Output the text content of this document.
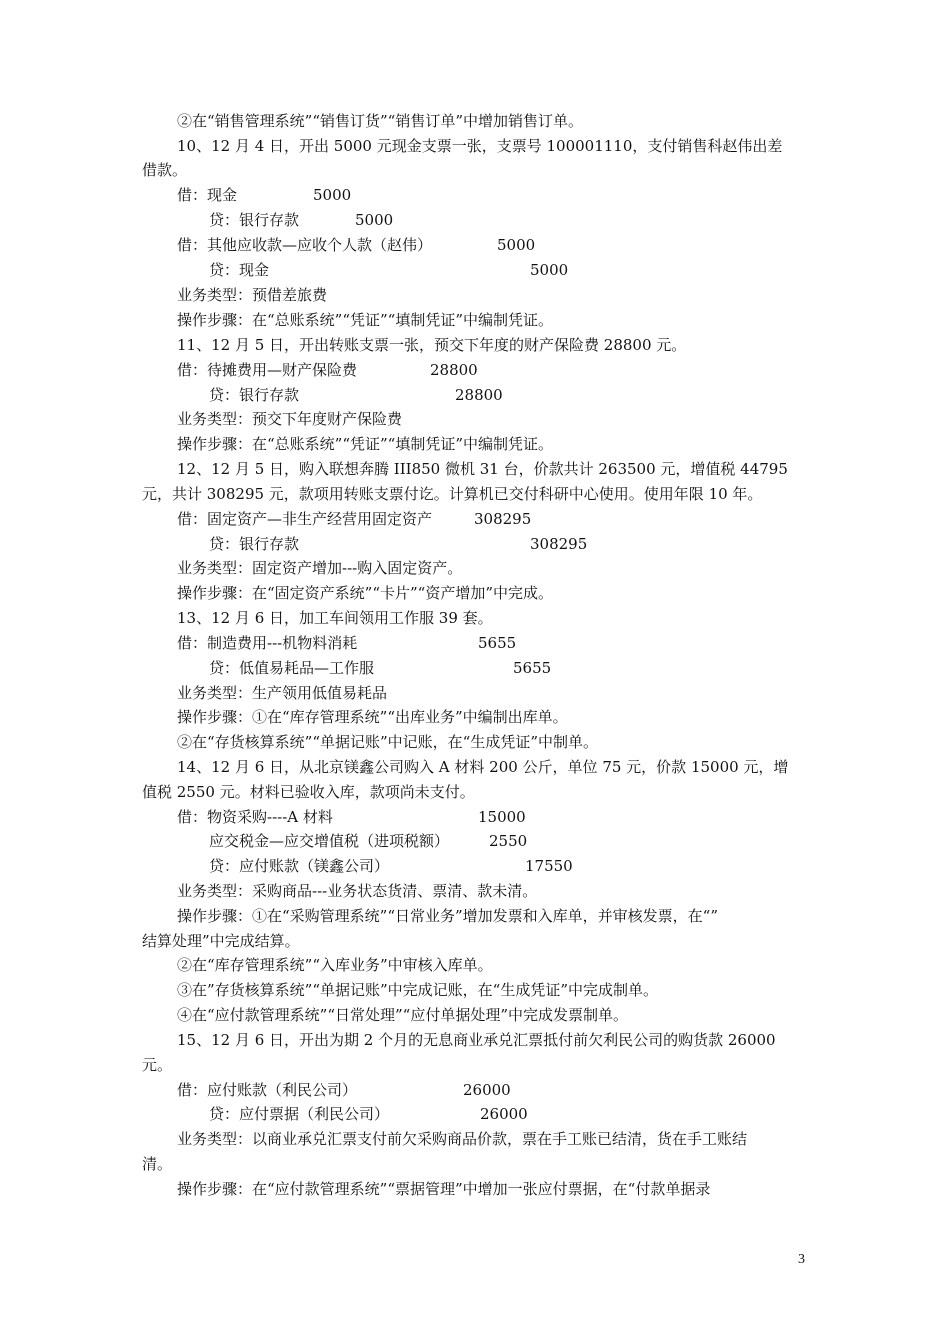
②在“销售管理系统”“销售订货”“销售订单”中增加销售订单。
10、12 月 4 日，开出 5000 元现金支票一张，支票号 100001110，支付销售科赵伟出差
借款。
借：现金	5000
贷：银行存款	5000
借：其他应收款—应收个人款（赵伟）	5000
贷：现金	5000
业务类型：预借差旅费
操作步骤：在“总账系统”“凭证”“填制凭证”中编制凭证。
11、12 月 5 日，开出转账支票一张，预交下年度的财产保险费 28800 元。
借：待摊费用—财产保险费	28800
贷：银行存款	28800
业务类型：预交下年度财产保险费
操作步骤：在“总账系统”“凭证”“填制凭证”中编制凭证。
12、12 月 5 日，购入联想奔腾 III850 微机 31 台，价款共计 263500 元，增值税 44795
元，共计 308295 元，款项用转账支票付讫。计算机已交付科研中心使用。使用年限 10 年。
借：固定资产—非生产经营用固定资产	308295
贷：银行存款	308295
业务类型：固定资产增加---购入固定资产。
操作步骤：在“固定资产系统”“卡片”“资产增加”中完成。
13、12 月 6 日，加工车间领用工作服 39 套。
借：制造费用---机物料消耗	5655
贷：低值易耗品—工作服	5655
业务类型：生产领用低值易耗品
操作步骤：①在“库存管理系统”“出库业务”中编制出库单。
②在“存货核算系统”“单据记账”中记账，在“生成凭证”中制单。
14、12 月 6 日，从北京镁鑫公司购入 A 材料 200 公斤，单位 75 元，价款 15000 元，增
值税 2550 元。材料已验收入库，款项尚未支付。
借：物资采购----A 材料	15000
应交税金—应交增值税（进项税额）	2550
贷：应付账款（镁鑫公司）	17550
业务类型：采购商品---业务状态货清、票清、款未清。
操作步骤：①在“采购管理系统”“日常业务”增加发票和入库单，并审核发票，在“”
结算处理”中完成结算。
②在“库存管理系统”“入库业务”中审核入库单。
③在”存货核算系统”“单据记账”中完成记账，在“生成凭证”中完成制单。
④在“应付款管理系统”“日常处理”“应付单据处理”中完成发票制单。
15、12 月 6 日，开出为期 2 个月的无息商业承兑汇票抵付前欠利民公司的购货款 26000
元。
借：应付账款（利民公司）	26000
贷：应付票据（利民公司）	26000
业务类型：以商业承兑汇票支付前欠采购商品价款，票在手工账已结清，货在手工账结
清。
操作步骤：在“应付款管理系统”“票据管理”中增加一张应付票据，在“付款单据录
3
